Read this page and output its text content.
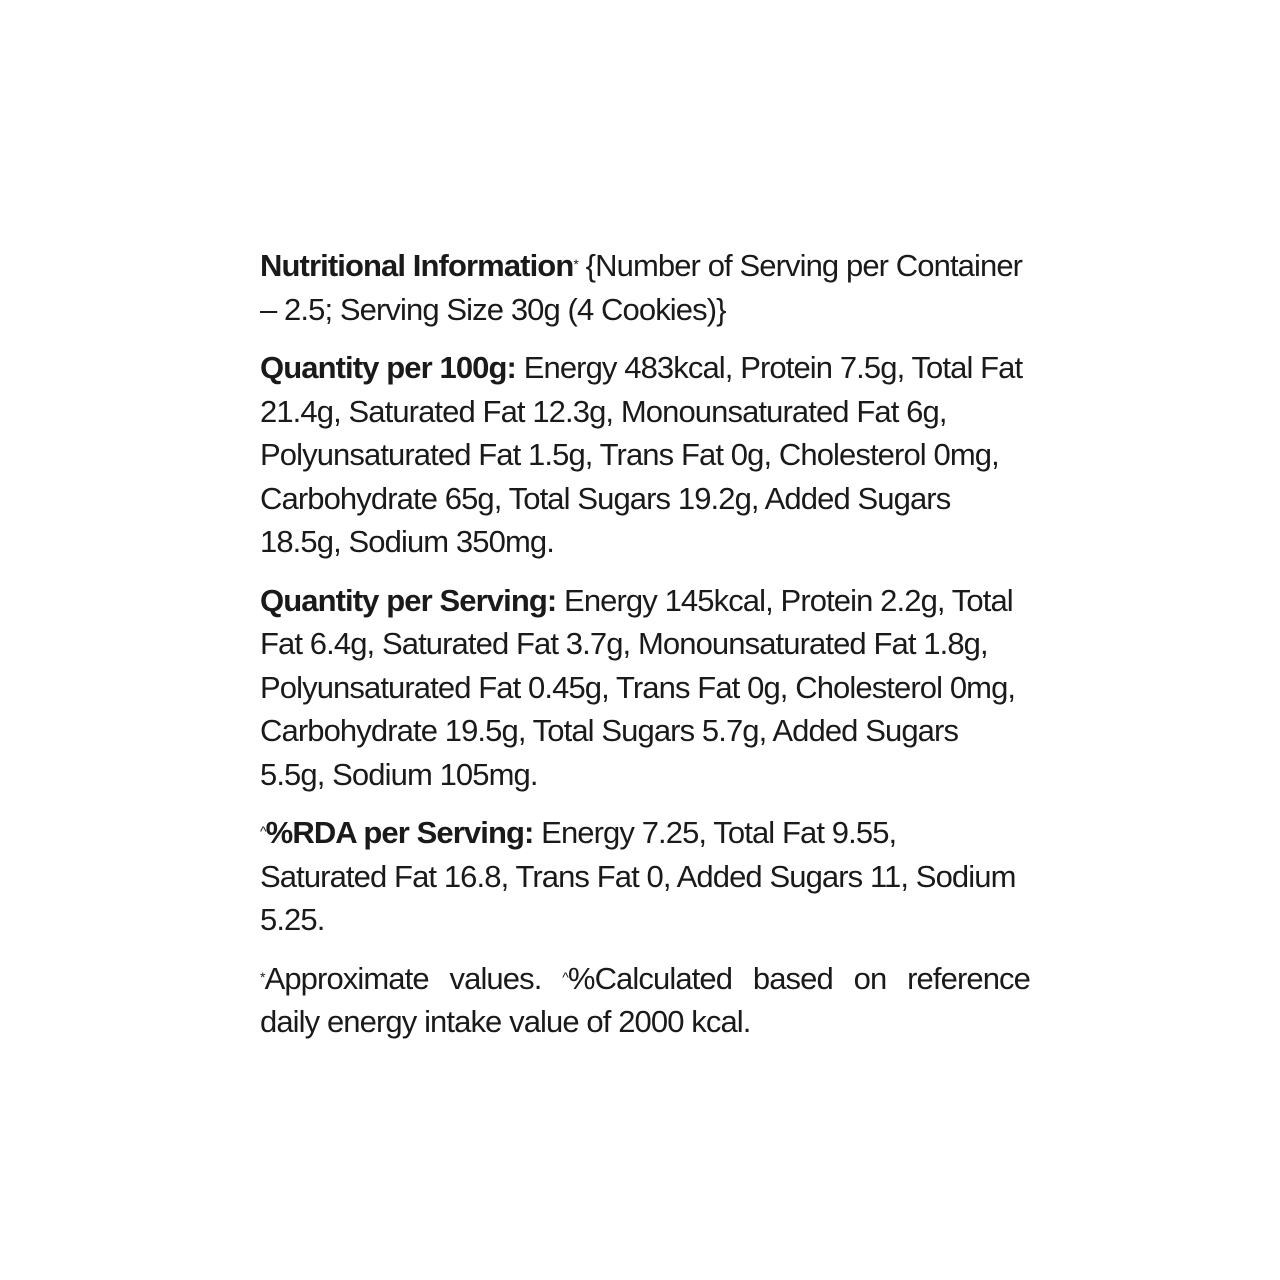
Nutritional Information* {Number of Serving per Container – 2.5; Serving Size 30g (4 Cookies)}

Quantity per 100g: Energy 483kcal, Protein 7.5g, Total Fat 21.4g, Saturated Fat 12.3g, Monounsaturated Fat 6g, Polyunsaturated Fat 1.5g, Trans Fat 0g, Cholesterol 0mg, Carbohydrate 65g, Total Sugars 19.2g, Added Sugars 18.5g, Sodium 350mg.

Quantity per Serving: Energy 145kcal, Protein 2.2g, Total Fat 6.4g, Saturated Fat 3.7g, Monounsaturated Fat 1.8g, Polyunsaturated Fat 0.45g, Trans Fat 0g, Cholesterol 0mg, Carbohydrate 19.5g, Total Sugars 5.7g, Added Sugars 5.5g, Sodium 105mg.

^%RDA per Serving: Energy 7.25, Total Fat 9.55, Saturated Fat 16.8, Trans Fat 0, Added Sugars 11, Sodium 5.25.

*Approximate values. ^%Calculated based on reference daily energy intake value of 2000 kcal.
